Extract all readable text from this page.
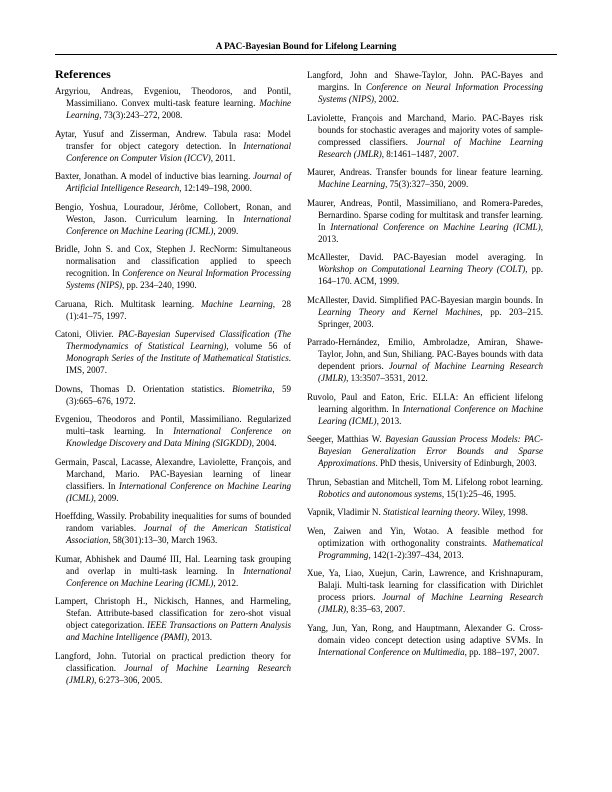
A PAC-Bayesian Bound for Lifelong Learning
References
Argyriou, Andreas, Evgeniou, Theodoros, and Pontil, Massimiliano. Convex multi-task feature learning. Machine Learning, 73(3):243–272, 2008.
Aytar, Yusuf and Zisserman, Andrew. Tabula rasa: Model transfer for object category detection. In International Conference on Computer Vision (ICCV), 2011.
Baxter, Jonathan. A model of inductive bias learning. Journal of Artificial Intelligence Research, 12:149–198, 2000.
Bengio, Yoshua, Louradour, Jérôme, Collobert, Ronan, and Weston, Jason. Curriculum learning. In International Conference on Machine Learing (ICML), 2009.
Bridle, John S. and Cox, Stephen J. RecNorm: Simultaneous normalisation and classification applied to speech recognition. In Conference on Neural Information Processing Systems (NIPS), pp. 234–240, 1990.
Caruana, Rich. Multitask learning. Machine Learning, 28 (1):41–75, 1997.
Catoni, Olivier. PAC-Bayesian Supervised Classification (The Thermodynamics of Statistical Learning), volume 56 of Monograph Series of the Institute of Mathematical Statistics. IMS, 2007.
Downs, Thomas D. Orientation statistics. Biometrika, 59 (3):665–676, 1972.
Evgeniou, Theodoros and Pontil, Massimiliano. Regularized multi–task learning. In International Conference on Knowledge Discovery and Data Mining (SIGKDD), 2004.
Germain, Pascal, Lacasse, Alexandre, Laviolette, François, and Marchand, Mario. PAC-Bayesian learning of linear classifiers. In International Conference on Machine Learing (ICML), 2009.
Hoeffding, Wassily. Probability inequalities for sums of bounded random variables. Journal of the American Statistical Association, 58(301):13–30, March 1963.
Kumar, Abhishek and Daumé III, Hal. Learning task grouping and overlap in multi-task learning. In International Conference on Machine Learing (ICML), 2012.
Lampert, Christoph H., Nickisch, Hannes, and Harmeling, Stefan. Attribute-based classification for zero-shot visual object categorization. IEEE Transactions on Pattern Analysis and Machine Intelligence (PAMI), 2013.
Langford, John. Tutorial on practical prediction theory for classification. Journal of Machine Learning Research (JMLR), 6:273–306, 2005.
Langford, John and Shawe-Taylor, John. PAC-Bayes and margins. In Conference on Neural Information Processing Systems (NIPS), 2002.
Laviolette, François and Marchand, Mario. PAC-Bayes risk bounds for stochastic averages and majority votes of sample-compressed classifiers. Journal of Machine Learning Research (JMLR), 8:1461–1487, 2007.
Maurer, Andreas. Transfer bounds for linear feature learning. Machine Learning, 75(3):327–350, 2009.
Maurer, Andreas, Pontil, Massimiliano, and Romera-Paredes, Bernardino. Sparse coding for multitask and transfer learning. In International Conference on Machine Learing (ICML), 2013.
McAllester, David. PAC-Bayesian model averaging. In Workshop on Computational Learning Theory (COLT), pp. 164–170. ACM, 1999.
McAllester, David. Simplified PAC-Bayesian margin bounds. In Learning Theory and Kernel Machines, pp. 203–215. Springer, 2003.
Parrado-Hernández, Emilio, Ambroladze, Amiran, Shawe-Taylor, John, and Sun, Shiliang. PAC-Bayes bounds with data dependent priors. Journal of Machine Learning Research (JMLR), 13:3507–3531, 2012.
Ruvolo, Paul and Eaton, Eric. ELLA: An efficient lifelong learning algorithm. In International Conference on Machine Learing (ICML), 2013.
Seeger, Matthias W. Bayesian Gaussian Process Models: PAC-Bayesian Generalization Error Bounds and Sparse Approximations. PhD thesis, University of Edinburgh, 2003.
Thrun, Sebastian and Mitchell, Tom M. Lifelong robot learning. Robotics and autonomous systems, 15(1):25–46, 1995.
Vapnik, Vladimir N. Statistical learning theory. Wiley, 1998.
Wen, Zaiwen and Yin, Wotao. A feasible method for optimization with orthogonality constraints. Mathematical Programming, 142(1-2):397–434, 2013.
Xue, Ya, Liao, Xuejun, Carin, Lawrence, and Krishnapuram, Balaji. Multi-task learning for classification with Dirichlet process priors. Journal of Machine Learning Research (JMLR), 8:35–63, 2007.
Yang, Jun, Yan, Rong, and Hauptmann, Alexander G. Cross-domain video concept detection using adaptive SVMs. In International Conference on Multimedia, pp. 188–197, 2007.
